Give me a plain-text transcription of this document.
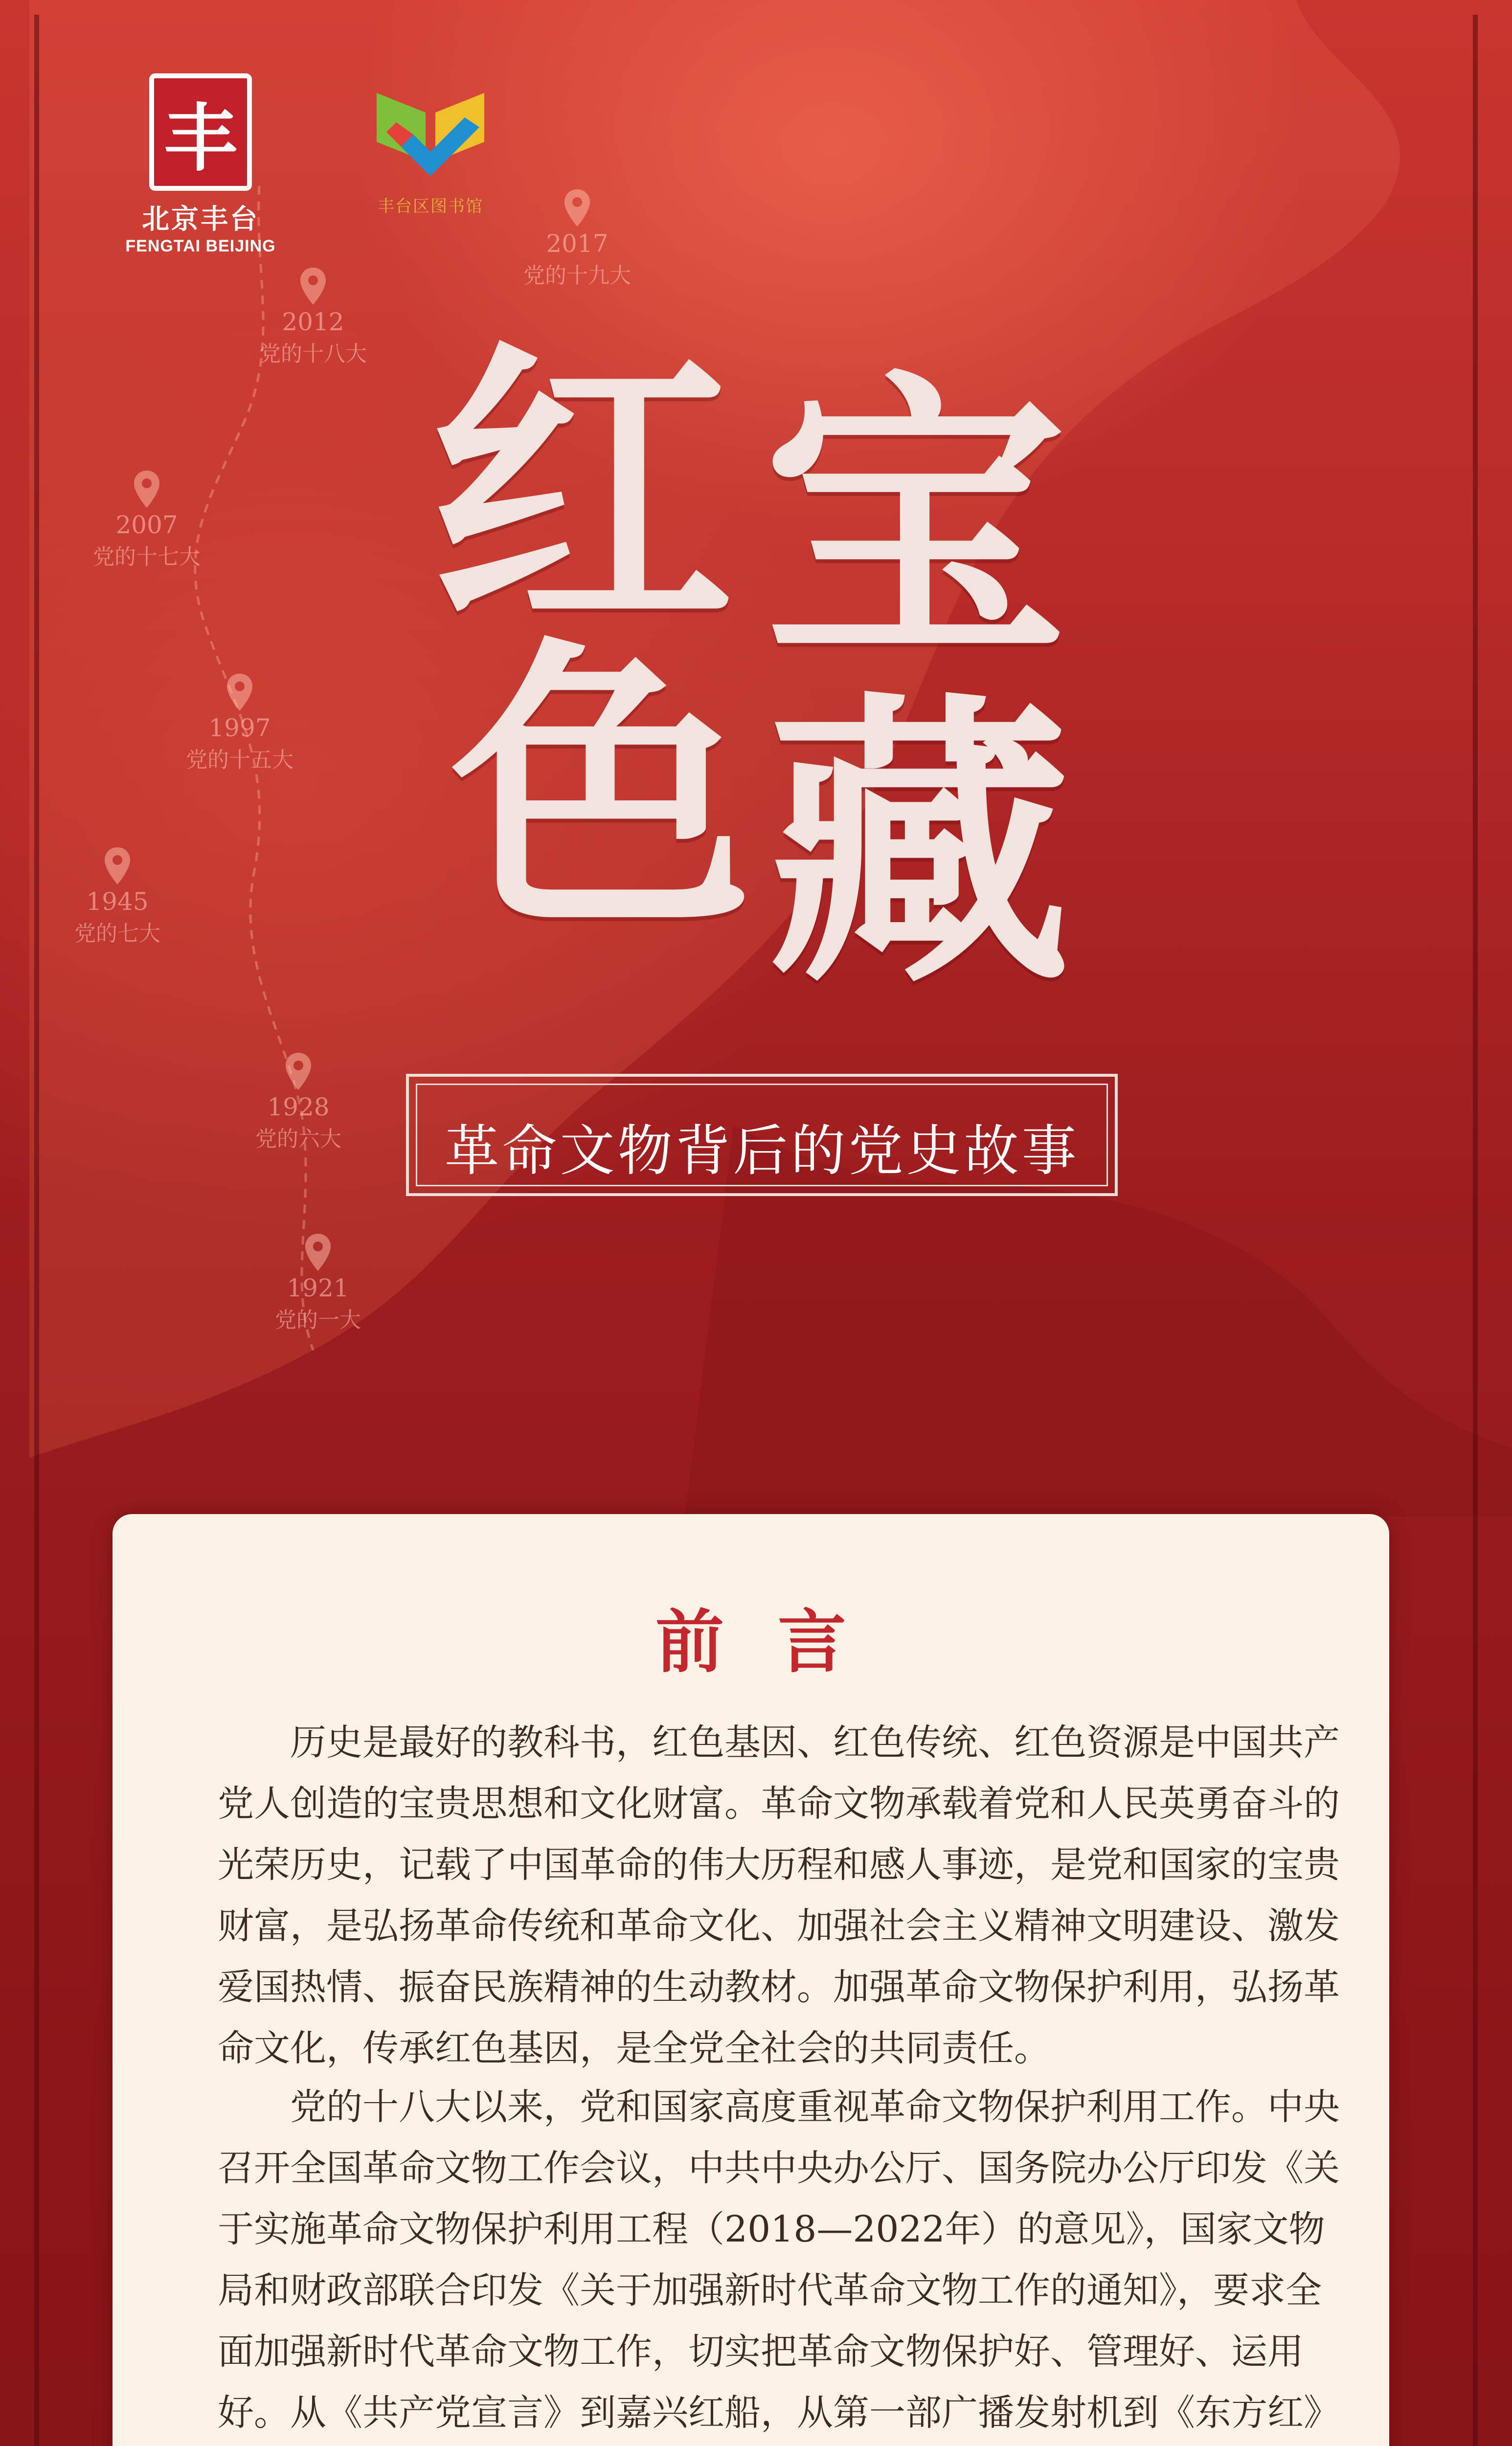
丰
北京丰台
FENGTAI BEIJING
丰台区图书馆
2017
党的十九大
2012
党的十八大
2007
党的十七大
1997
党的十五大
1945
党的七大
1928
党的六大
1921
党的一大
红 宝
色 藏
革命文物背后的党史故事
前言

历史是最好的教科书，红色基因、红色传统、红色资源是中国共产党人创造的宝贵思想和文化财富。革命文物承载着党和人民英勇奋斗的光荣历史，记载了中国革命的伟大历程和感人事迹，是党和国家的宝贵财富，是弘扬革命传统和革命文化、加强社会主义精神文明建设、激发爱国热情、振奋民族精神的生动教材。加强革命文物保护利用，弘扬革命文化，传承红色基因，是全党全社会的共同责任。

党的十八大以来，党和国家高度重视革命文物保护利用工作。中央召开全国革命文物工作会议，中共中央办公厅、国务院办公厅印发《关于实施革命文物保护利用工程（2018—2022年）的意见》，国家文物局和财政部联合印发《关于加强新时代革命文物工作的通知》，要求全面加强新时代革命文物工作，切实把革命文物保护好、管理好、运用好。从《共产党宣言》到嘉兴红船，从第一部广播发射机到《东方红》
